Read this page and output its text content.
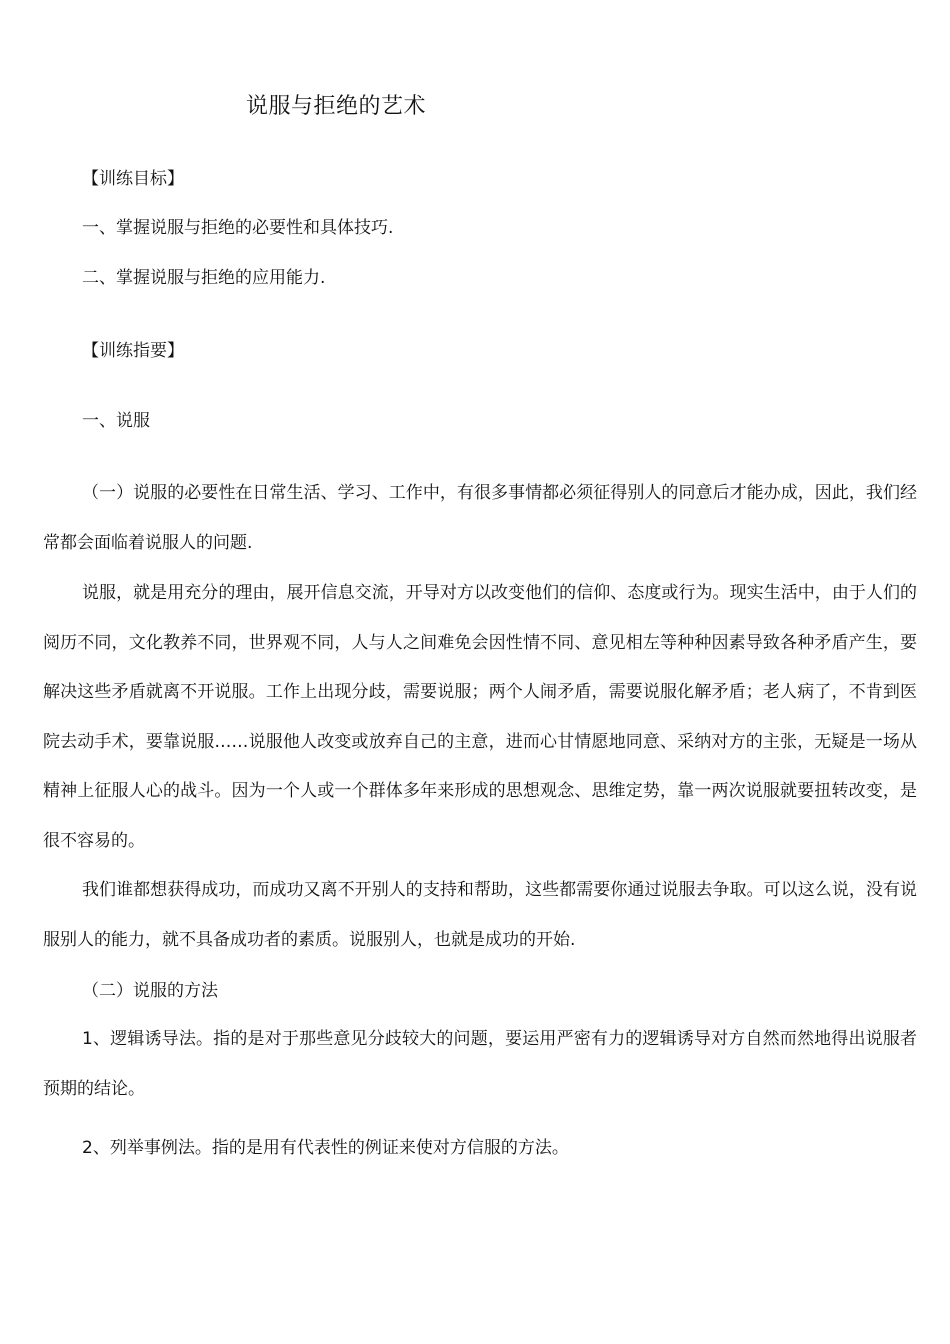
说服与拒绝的艺术
【训练目标】
一、掌握说服与拒绝的必要性和具体技巧.
二、掌握说服与拒绝的应用能力.
【训练指要】
一、说服

（一）说服的必要性在日常生活、学习、工作中，有很多事情都必须征得别人的同意后才能办成，因此，我们经常都会面临着说服人的问题.

说服，就是用充分的理由，展开信息交流，开导对方以改变他们的信仰、态度或行为。现实生活中，由于人们的阅历不同，文化教养不同，世界观不同，人与人之间难免会因性情不同、意见相左等种种因素导致各种矛盾产生，要解决这些矛盾就离不开说服。工作上出现分歧，需要说服；两个人闹矛盾，需要说服化解矛盾；老人病了，不肯到医院去动手术，要靠说服……说服他人改变或放弃自己的主意，进而心甘情愿地同意、采纳对方的主张，无疑是一场从精神上征服人心的战斗。因为一个人或一个群体多年来形成的思想观念、思维定势，靠一两次说服就要扭转改变，是很不容易的。

我们谁都想获得成功，而成功又离不开别人的支持和帮助，这些都需要你通过说服去争取。可以这么说，没有说服别人的能力，就不具备成功者的素质。说服别人，也就是成功的开始.

（二）说服的方法

1、逻辑诱导法。指的是对于那些意见分歧较大的问题，要运用严密有力的逻辑诱导对方自然而然地得出说服者预期的结论。

2、列举事例法。指的是用有代表性的例证来使对方信服的方法。
